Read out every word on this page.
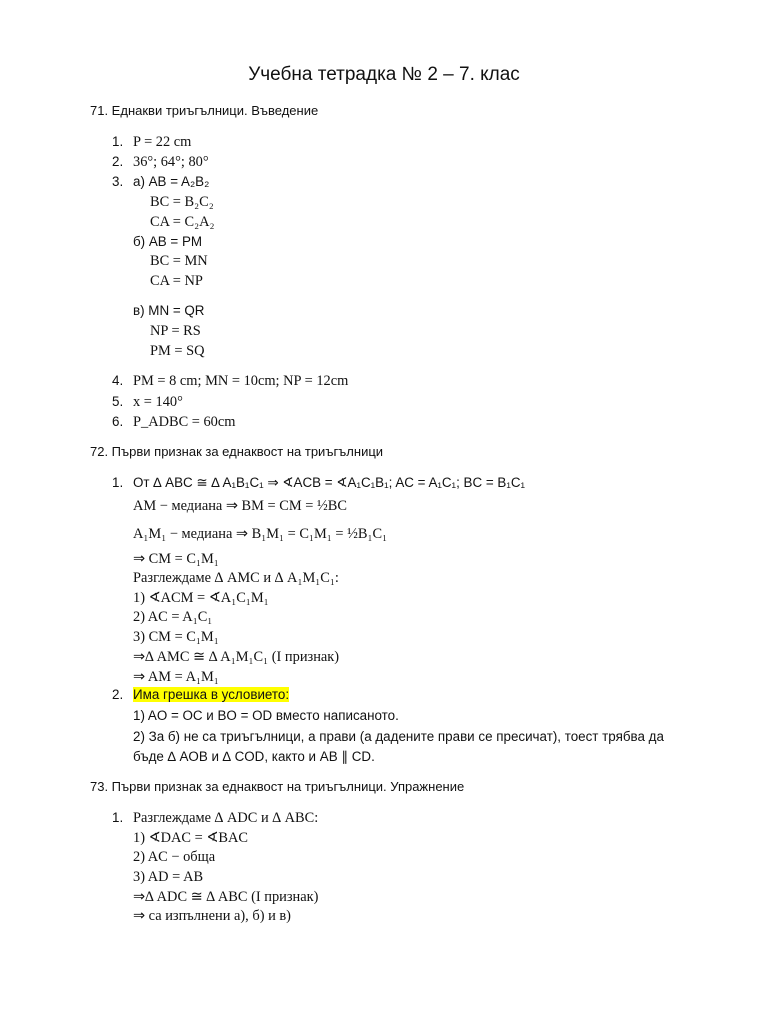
Учебна тетрадка № 2 – 7. клас
71. Еднакви триъгълници. Въведение
1. P = 22 cm
2. 36°; 64°; 80°
3. а) AB = A₂B₂
BC = B₂C₂
CA = C₂A₂
б) AB = PM
BC = MN
CA = NP
в) MN = QR
NP = RS
PM = SQ
4. PM = 8 cm; MN = 10cm; NP = 12cm
5. x = 140°
6. P_ADBC = 60cm
72. Първи признак за еднаквост на триъгълници
1. От ∆ ABC ≅ ∆ A₁B₁C₁ ⇒ ∢ACB = ∢A₁C₁B₁; AC = A₁C₁; BC = B₁C₁
AM − медиана ⇒ BM = CM = ½BC
A₁M₁ − медиана ⇒ B₁M₁ = C₁M₁ = ½B₁C₁
⇒ CM = C₁M₁
Разглеждаме ∆ AMC и ∆ A₁M₁C₁:
1) ∢ACM = ∢A₁C₁M₁
2) AC = A₁C₁
3) CM = C₁M₁
⇒∆ AMC ≅ ∆ A₁M₁C₁ (I признак)
⇒ AM = A₁M₁
2. Има грешка в условието:
1) AO = OC и BO = OD вместо написаното.
2) За б) не са триъгълници, а прави (а дадените прави се пресичат), тоест трябва да
бъде ∆ AOB и ∆ COD, както и AB ∥ CD.
73. Първи признак за еднаквост на триъгълници. Упражнение
1. Разглеждаме ∆ ADC и ∆ ABC:
1) ∢DAC = ∢BAC
2) AC − обща
3) AD = AB
⇒∆ ADC ≅ ∆ ABC (I признак)
⇒ са изпълнени а), б) и в)
